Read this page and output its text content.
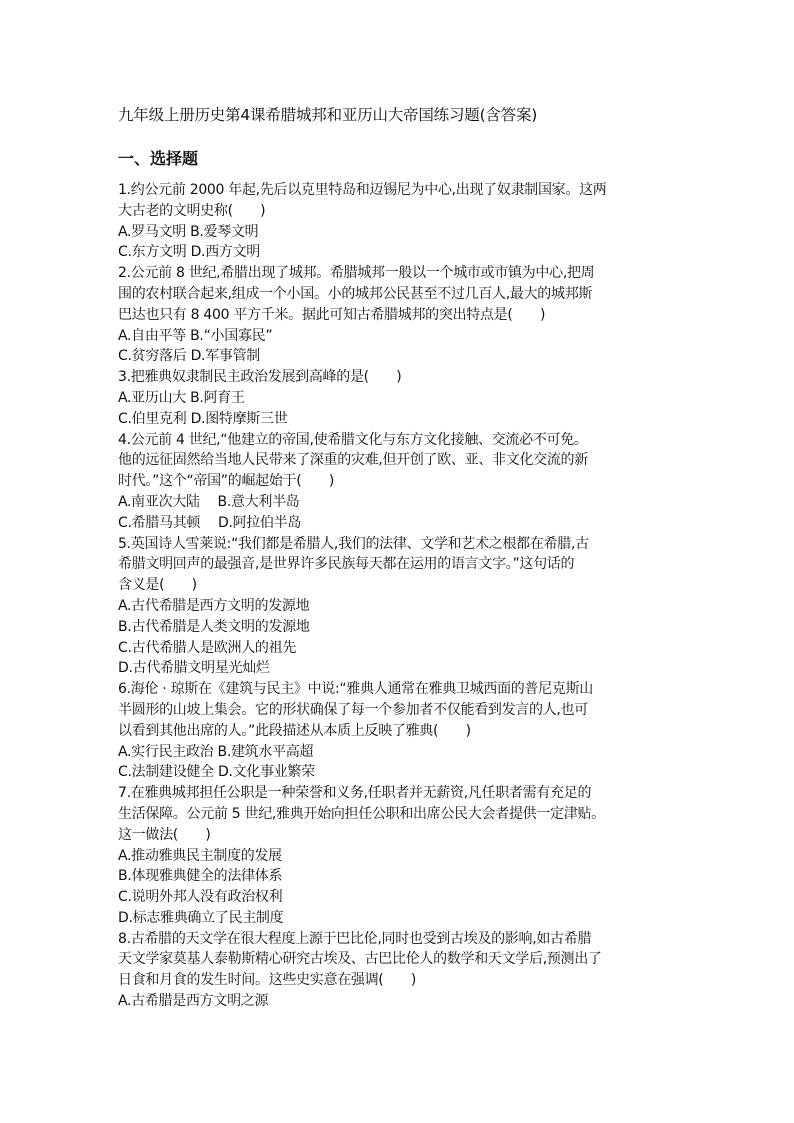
九年级上册历史第4课希腊城邦和亚历山大帝国练习题(含答案)
一、选择题

1.约公元前 2000 年起,先后以克里特岛和迈锡尼为中心,出现了奴隶制国家。这两

大古老的文明史称(　　)

A.罗马文明 B.爱琴文明

C.东方文明 D.西方文明

2.公元前 8 世纪,希腊出现了城邦。希腊城邦一般以一个城市或市镇为中心,把周

围的农村联合起来,组成一个小国。小的城邦公民甚至不过几百人,最大的城邦斯

巴达也只有 8 400 平方千米。据此可知古希腊城邦的突出特点是(　　)

A.自由平等 B.“小国寡民”

C.贫穷落后 D.军事管制

3.把雅典奴隶制民主政治发展到高峰的是(　　)

A.亚历山大 B.阿育王

C.伯里克利 D.图特摩斯三世

4.公元前 4 世纪,“他建立的帝国,使希腊文化与东方文化接触、交流必不可免。

他的远征固然给当地人民带来了深重的灾难,但开创了欧、亚、非文化交流的新

时代。”这个“帝国”的崛起始于(　　)

A.南亚次大陆　 B.意大利半岛

C.希腊马其顿　 D.阿拉伯半岛

5.英国诗人雪莱说:“我们都是希腊人,我们的法律、文学和艺术之根都在希腊,古

希腊文明回声的最强音,是世界许多民族每天都在运用的语言文字。”这句话的

含义是(　　)

A.古代希腊是西方文明的发源地

B.古代希腊是人类文明的发源地

C.古代希腊人是欧洲人的祖先

D.古代希腊文明星光灿烂

6.海伦 · 琼斯在《建筑与民主》中说:“雅典人通常在雅典卫城西面的普尼克斯山

半圆形的山坡上集会。它的形状确保了每一个参加者不仅能看到发言的人,也可

以看到其他出席的人。”此段描述从本质上反映了雅典(　　)

A.实行民主政治 B.建筑水平高超

C.法制建设健全 D.文化事业繁荣

7.在雅典城邦担任公职是一种荣誉和义务,任职者并无薪资,凡任职者需有充足的

生活保障。公元前 5 世纪,雅典开始向担任公职和出席公民大会者提供一定津贴。

这一做法(　　)

A.推动雅典民主制度的发展

B.体现雅典健全的法律体系

C.说明外邦人没有政治权利

D.标志雅典确立了民主制度

8.古希腊的天文学在很大程度上源于巴比伦,同时也受到古埃及的影响,如古希腊

天文学家莫基人泰勒斯精心研究古埃及、古巴比伦人的数学和天文学后,预测出了

日食和月食的发生时间。这些史实意在强调(　　)

A.古希腊是西方文明之源
